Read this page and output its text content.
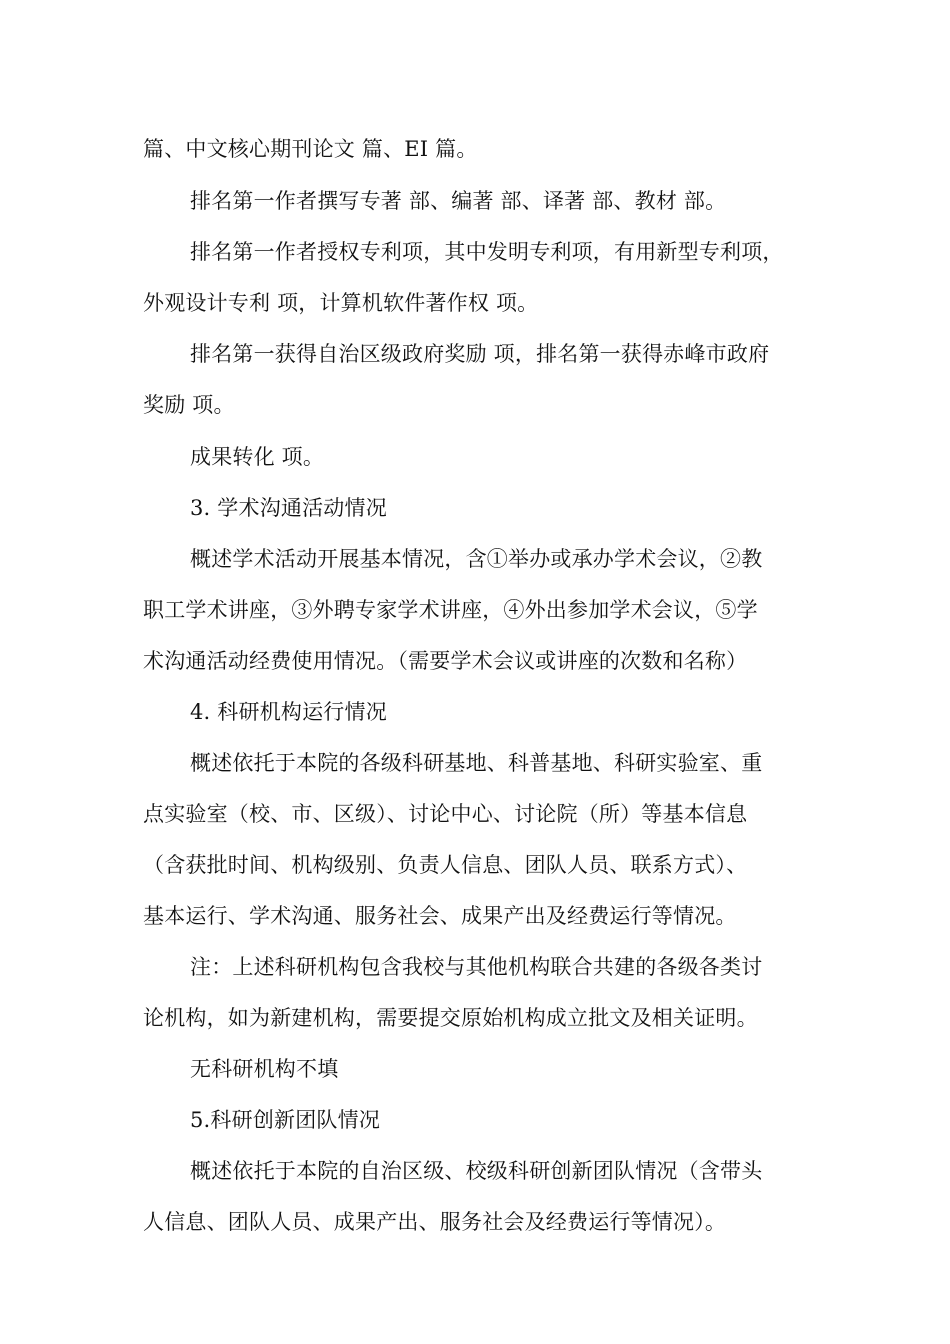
篇、中文核心期刊论文 篇、EI 篇。

排名第一作者撰写专著 部、编著 部、译著 部、教材 部。

排名第一作者授权专利项，其中发明专利项，有用新型专利项，

外观设计专利 项，计算机软件著作权 项。

排名第一获得自治区级政府奖励 项，排名第一获得赤峰市政府

奖励 项。

成果转化 项。

3. 学术沟通活动情况

概述学术活动开展基本情况，含①举办或承办学术会议，②教

职工学术讲座，③外聘专家学术讲座，④外出参加学术会议，⑤学

术沟通活动经费使用情况。（需要学术会议或讲座的次数和名称）

4. 科研机构运行情况

概述依托于本院的各级科研基地、科普基地、科研实验室、重

点实验室（校、市、区级）、讨论中心、讨论院（所）等基本信息

（含获批时间、机构级别、负责人信息、团队人员、联系方式）、

基本运行、学术沟通、服务社会、成果产出及经费运行等情况。

注：上述科研机构包含我校与其他机构联合共建的各级各类讨

论机构，如为新建机构，需要提交原始机构成立批文及相关证明。

无科研机构不填

5.科研创新团队情况

概述依托于本院的自治区级、校级科研创新团队情况（含带头

人信息、团队人员、成果产出、服务社会及经费运行等情况）。
